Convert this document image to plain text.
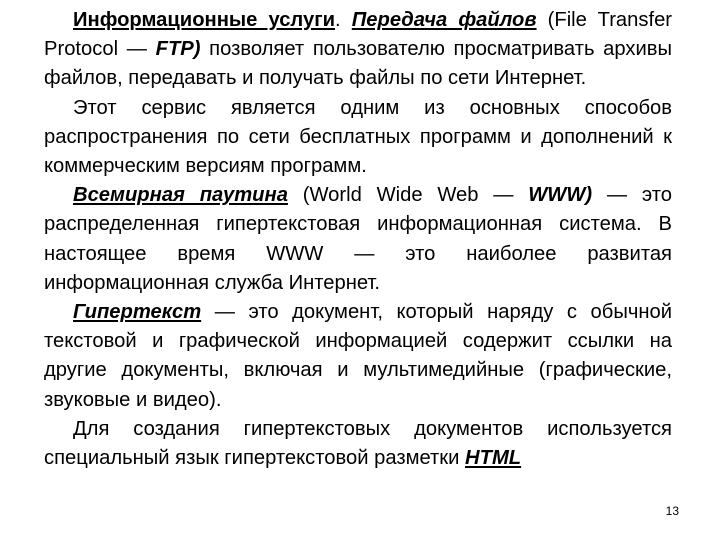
Информационные услуги. Передача файлов (File Transfer Protocol — FTP) позволяет пользователю просматривать архивы файлов, передавать и получать файлы по сети Интернет.

Этот сервис является одним из основных способов распространения по сети бесплатных программ и дополнений к коммерческим версиям программ.

Всемирная паутина (World Wide Web — WWW) — это распределенная гипертекстовая информационная система. В настоящее время WWW — это наиболее развитая информационная служба Интернет.

Гипертекст — это документ, который наряду с обычной текстовой и графической информацией содержит ссылки на другие документы, включая и мультимедийные (графические, звуковые и видео).

Для создания гипертекстовых документов используется специальный язык гипертекстовой разметки HTML

13
